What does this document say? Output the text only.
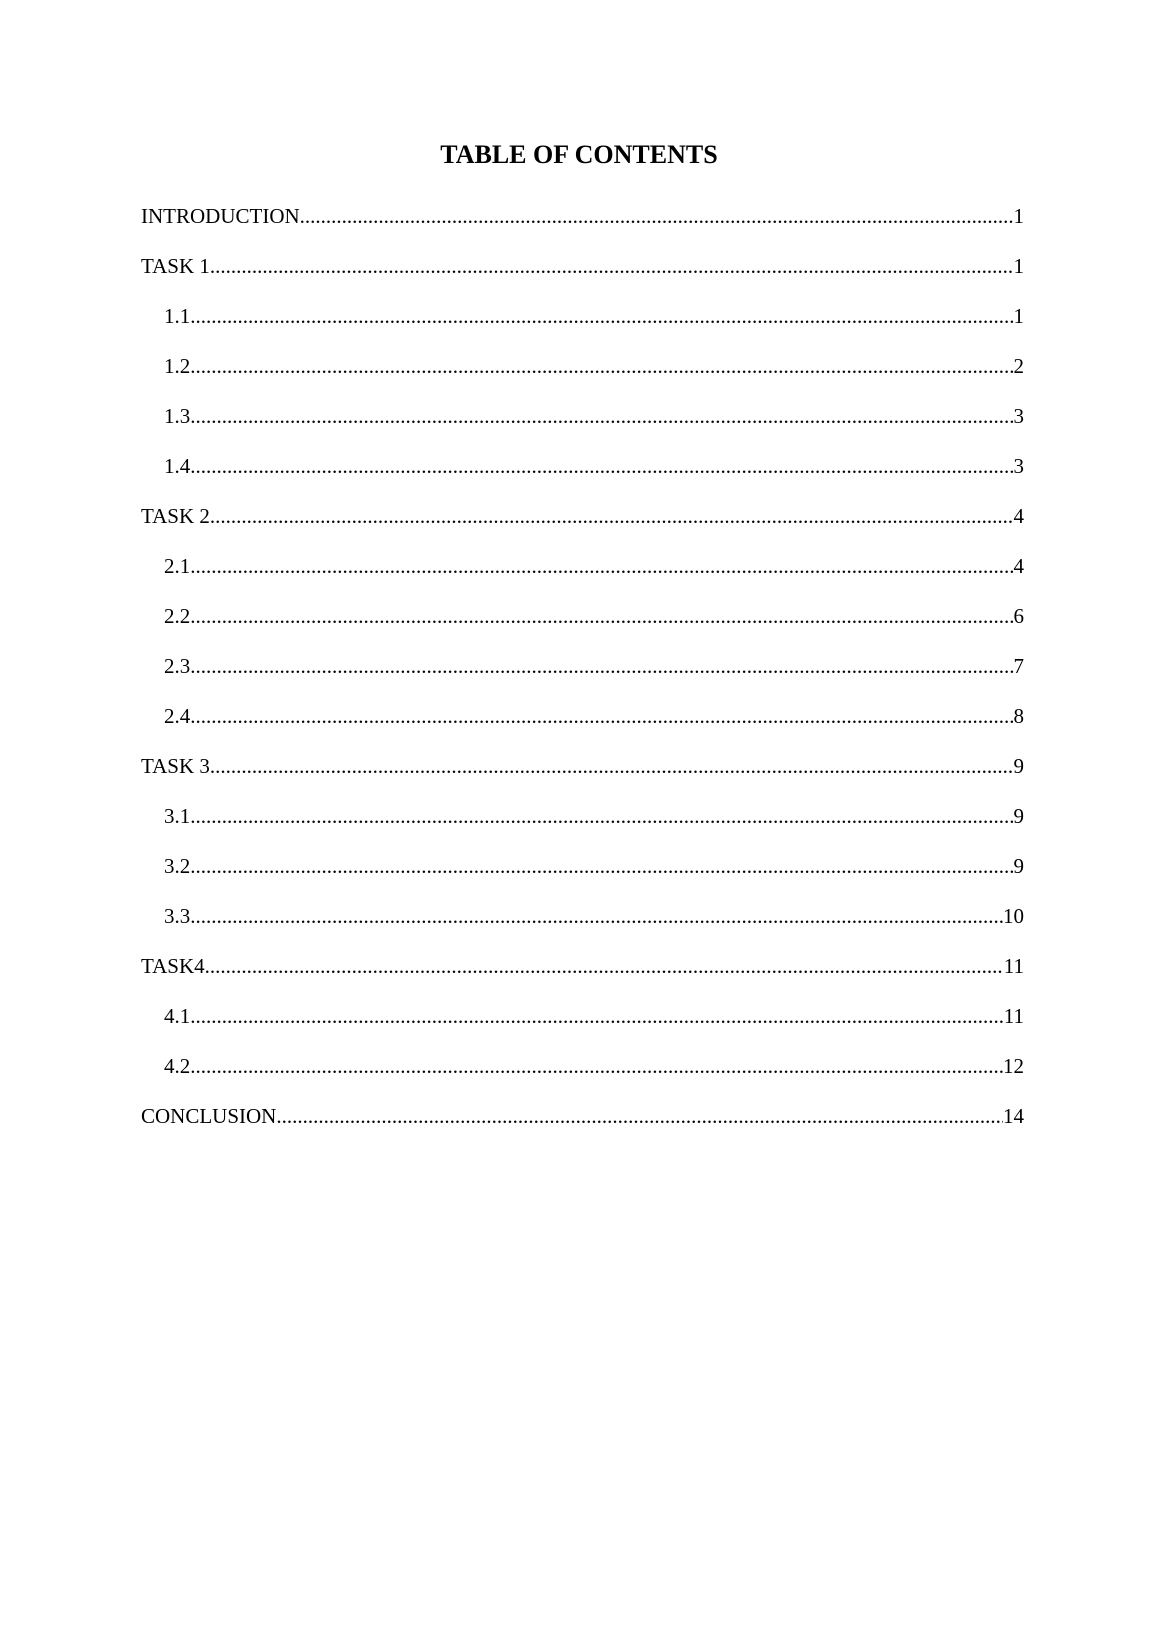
TABLE OF CONTENTS
INTRODUCTION .....	1
TASK 1 .....	1
1.1 .....	1
1.2 .....	2
1.3 .....	3
1.4 .....	3
TASK 2 .....	4
2.1 .....	4
2.2 .....	6
2.3 .....	7
2.4 .....	8
TASK 3 .....	9
3.1 .....	9
3.2 .....	9
3.3 .....	10
TASK4 .....	11
4.1 .....	11
4.2 .....	12
CONCLUSION .....	14
